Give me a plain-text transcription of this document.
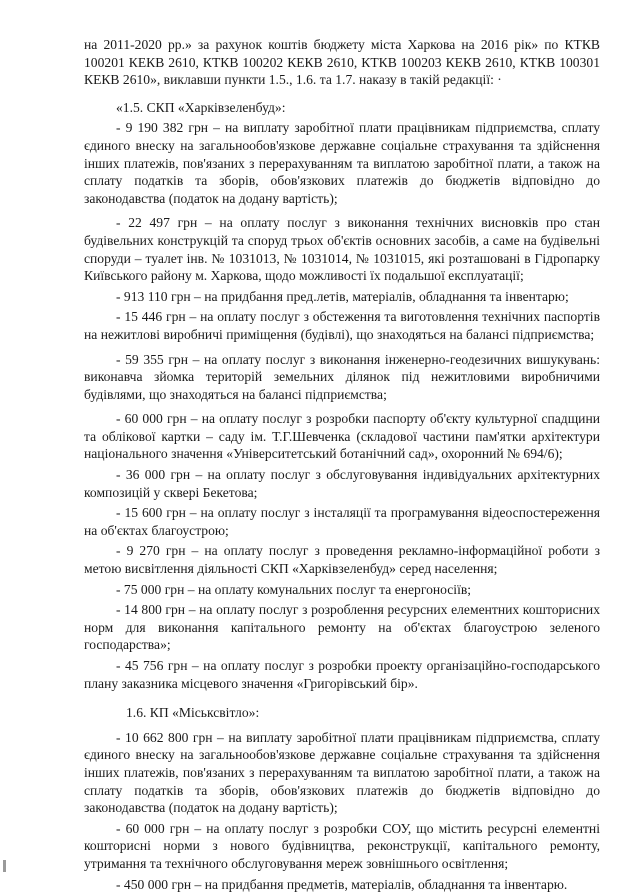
на 2011-2020 рр.» за рахунок коштів бюджету міста Харкова на 2016 рік» по КТКВ 100201 КЕКВ 2610, КТКВ 100202 КЕКВ 2610, КТКВ 100203 КЕКВ 2610, КТКВ 100301 КЕКВ 2610», виклавши пункти 1.5., 1.6. та 1.7. наказу в такій редакції: ·

«1.5. СКП «Харківзеленбуд»:

- 9 190 382 грн – на виплату заробітної плати працівникам підприємства, сплату єдиного внеску на загальнообов'язкове державне соціальне страхування та здійснення інших платежів, пов'язаних з перерахуванням та виплатою заробітної плати, а також на сплату податків та зборів, обов'язкових платежів до бюджетів відповідно до законодавства (податок на додану вартість);

- 22 497 грн – на оплату послуг з виконання технічних висновків про стан будівельних конструкцій та споруд трьох об'єктів основних засобів, а саме на будівельні споруди – туалет інв. № 1031013, № 1031014, № 1031015, які розташовані в Гідропарку Київського району м. Харкова, щодо можливості їх подальшої експлуатації;

- 913 110 грн – на придбання пред.летів, матеріалів, обладнання та інвентарю;

- 15 446 грн – на оплату послуг з обстеження та виготовлення технічних паспортів на нежитлові виробничі приміщення (будівлі), що знаходяться на балансі підприємства;

- 59 355 грн – на оплату послуг з виконання інженерно-геодезичних вишукувань: виконавча зйомка територій земельних ділянок під нежитловими виробничими будівлями, що знаходяться на балансі підприємства;

- 60 000 грн – на оплату послуг з розробки паспорту об'єкту культурної спадщини та облікової картки – саду ім. Т.Г.Шевченка (складової частини пам'ятки архітектури національного значення «Університетський ботанічний сад», охоронний № 694/6);

- 36 000 грн – на оплату послуг з обслуговування індивідуальних архітектурних композицій у сквері Бекетова;

- 15 600 грн – на оплату послуг з інсталяції та програмування відеоспостереження на об'єктах благоустрою;

- 9 270 грн – на оплату послуг з проведення рекламно-інформаційної роботи з метою висвітлення діяльності СКП «Харківзеленбуд» серед населення;

- 75 000 грн – на оплату комунальних послуг та енергоносіїв;

- 14 800 грн – на оплату послуг з розроблення ресурсних елементних кошторисних норм для виконання капітального ремонту на об'єктах благоустрою зеленого господарства»;

- 45 756 грн – на оплату послуг з розробки проекту організаційно-господарського плану заказника місцевого значення «Григорівський бір».

1.6. КП «Міськсвітло»:

- 10 662 800 грн – на виплату заробітної плати працівникам підприємства, сплату єдиного внеску на загальнообов'язкове державне соціальне страхування та здійснення інших платежів, пов'язаних з перерахуванням та виплатою заробітної плати, а також на сплату податків та зборів, обов'язкових платежів до бюджетів відповідно до законодавства (податок на додану вартість);

- 60 000 грн – на оплату послуг з розробки СОУ, що містить ресурсні елементні кошторисні норми з нового будівництва, реконструкції, капітального ремонту, утримання та технічного обслуговування мереж зовнішнього освітлення;

- 450 000 грн – на придбання предметів, матеріалів, обладнання та інвентарю.
